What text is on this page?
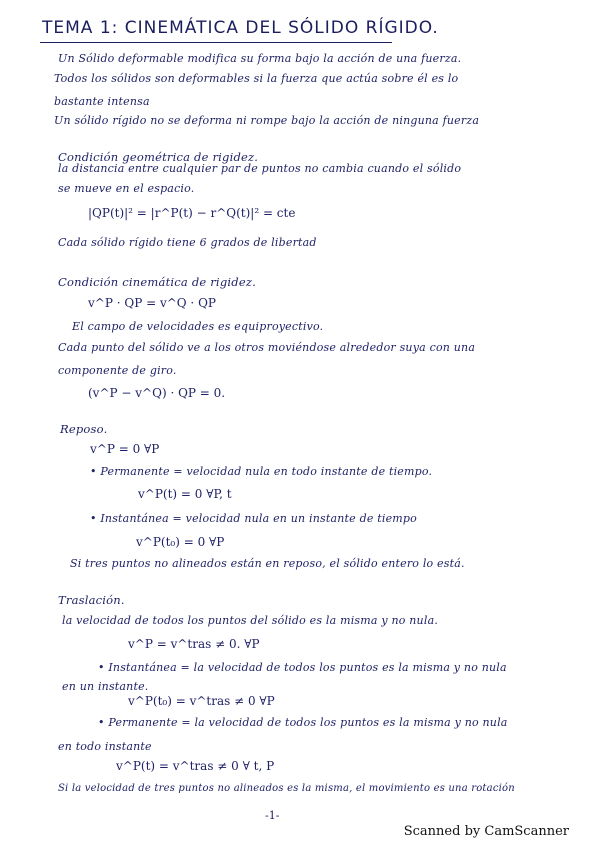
TEMA 1: CINEMÁTICA DEL SÓLIDO RÍGIDO.
Un Sólido deformable modifica su forma bajo la acción de una fuerza.
Todos los sólidos son deformables si la fuerza que actúa sobre él es lo
bastante intensa
Un sólido rígido no se deforma ni rompe bajo la acción de ninguna fuerza
Condición geométrica de rigidez.
la distancia entre cualquier par de puntos no cambia cuando el sólido
se mueve en el espacio.
|QP(t)|² = |r^P(t) − r^Q(t)|² = cte
Cada sólido rígido tiene 6 grados de libertad
Condición cinemática de rigidez.
v^P · QP = v^Q · QP
El campo de velocidades es equiproyectivo.
Cada punto del sólido ve a los otros moviéndose alrededor suya con una
componente de giro.
(v^P − v^Q) · QP = 0.
Reposo.
v^P = 0 ∀P
• Permanente = velocidad nula en todo instante de tiempo.
v^P(t) = 0 ∀P, t
• Instantánea = velocidad nula en un instante de tiempo
v^P(t₀) = 0 ∀P
Si tres puntos no alineados están en reposo, el sólido entero lo está.
Traslación.
la velocidad de todos los puntos del sólido es la misma y no nula.
v^P = v^tras ≠ 0. ∀P
• Instantánea = la velocidad de todos los puntos es la misma y no nula
en un instante.
v^P(t₀) = v^tras ≠ 0 ∀P
• Permanente = la velocidad de todos los puntos es la misma y no nula
en todo instante
v^P(t) = v^tras ≠ 0 ∀ t, P
Si la velocidad de tres puntos no alineados es la misma, el movimiento es una rotación
-1-
Scanned by CamScanner
